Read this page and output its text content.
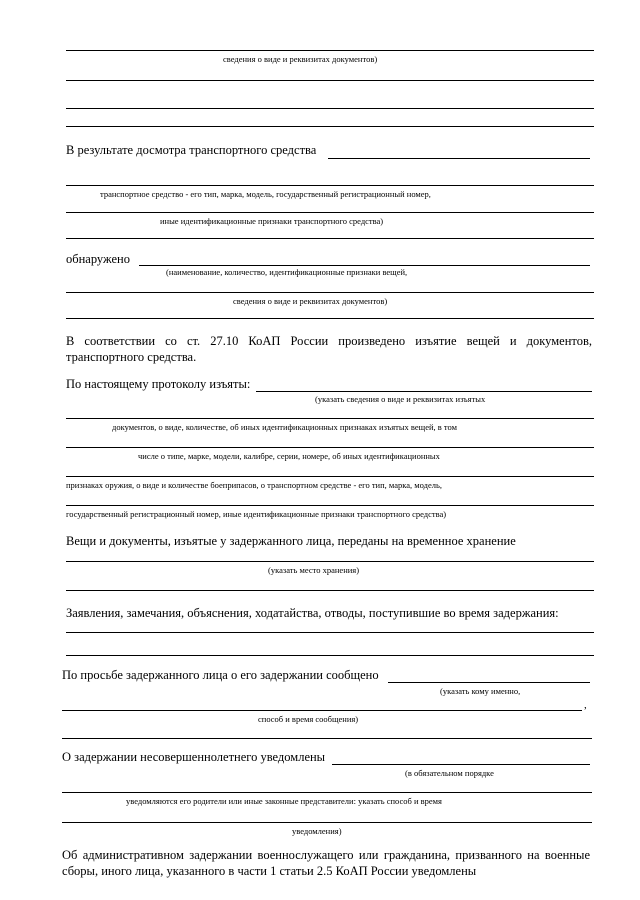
сведения о виде и реквизитах документов)
В результате досмотра транспортного средства
транспортное средство - его тип, марка, модель, государственный регистрационный номер,
иные идентификационные признаки транспортного средства)
обнаружено
(наименование, количество, идентификационные признаки вещей,
сведения о виде и реквизитах документов)
В соответствии со ст. 27.10 КоАП России произведено изъятие вещей и документов, транспортного средства.
По настоящему протоколу изъяты:
(указать сведения о виде и реквизитах изъятых
документов, о виде, количестве, об иных идентификационных признаках изъятых вещей, в том
числе о типе, марке, модели, калибре, серии, номере, об иных идентификационных
признаках оружия, о виде и количестве боеприпасов, о транспортном средстве - его тип, марка, модель,
государственный регистрационный номер, иные идентификационные признаки транспортного средства)
Вещи и документы, изъятые у задержанного лица, переданы на временное хранение
(указать место хранения)
Заявления, замечания, объяснения, ходатайства, отводы, поступившие во время задержания:
По просьбе задержанного лица о его задержании сообщено
(указать кому именно,
,
способ и время сообщения)
О задержании несовершеннолетнего уведомлены
(в обязательном порядке
уведомляются его родители или иные законные представители: указать способ и время
уведомления)
Об административном задержании военнослужащего или гражданина, призванного на военные сборы, иного лица, указанного в части 1 статьи 2.5 КоАП России уведомлены
